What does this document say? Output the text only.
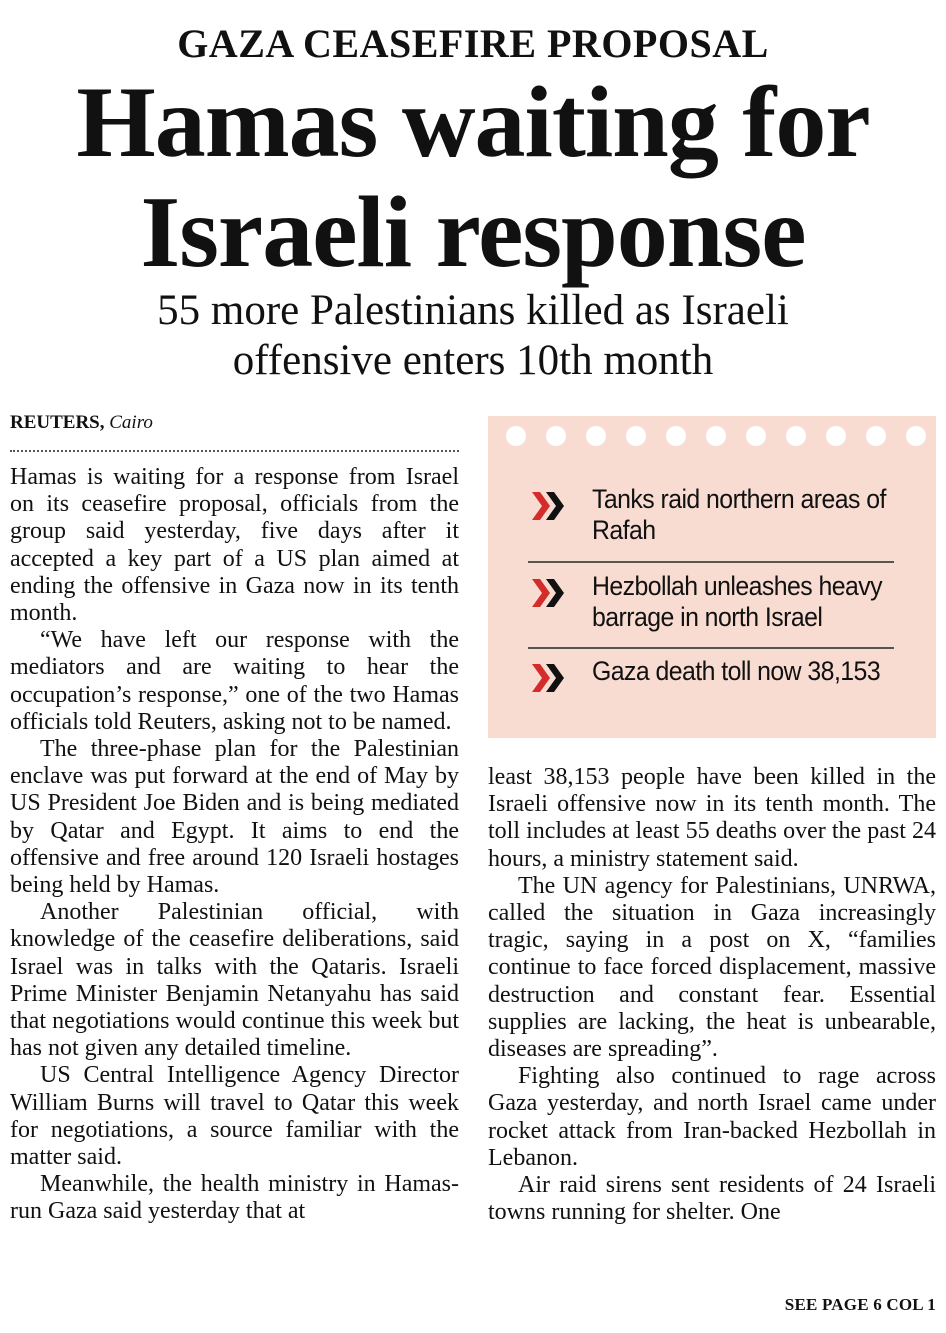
GAZA CEASEFIRE PROPOSAL
Hamas waiting for
Israeli response
55 more Palestinians killed as Israeli
offensive enters 10th month
REUTERS, Cairo

Hamas is waiting for a response from Israel on its ceasefire proposal, officials from the group said yesterday, five days after it accepted a key part of a US plan aimed at ending the offensive in Gaza now in its tenth month.

“We have left our response with the mediators and are waiting to hear the occupation’s response,” one of the two Hamas officials told Reuters, asking not to be named.

The three-phase plan for the Palestinian enclave was put forward at the end of May by US President Joe Biden and is being mediated by Qatar and Egypt. It aims to end the offensive and free around 120 Israeli hostages being held by Hamas.

Another Palestinian official, with knowledge of the ceasefire deliberations, said Israel was in talks with the Qataris. Israeli Prime Minister Benjamin Netanyahu has said that negotiations would continue this week but has not given any detailed timeline.

US Central Intelligence Agency Director William Burns will travel to Qatar this week for negotiations, a source familiar with the matter said.

Meanwhile, the health ministry in Hamas-run Gaza said yesterday that at

Tanks raid northern areas of Rafah
Hezbollah unleashes heavy barrage in north Israel
Gaza death toll now 38,153

least 38,153 people have been killed in the Israeli offensive now in its tenth month. The toll includes at least 55 deaths over the past 24 hours, a ministry statement said.

The UN agency for Palestinians, UNRWA, called the situation in Gaza increasingly tragic, saying in a post on X, “families continue to face forced displacement, massive destruction and constant fear. Essential supplies are lacking, the heat is unbearable, diseases are spreading”.

Fighting also continued to rage across Gaza yesterday, and north Israel came under rocket attack from Iran-backed Hezbollah in Lebanon.

Air raid sirens sent residents of 24 Israeli towns running for shelter. One

SEE PAGE 6 COL 1
